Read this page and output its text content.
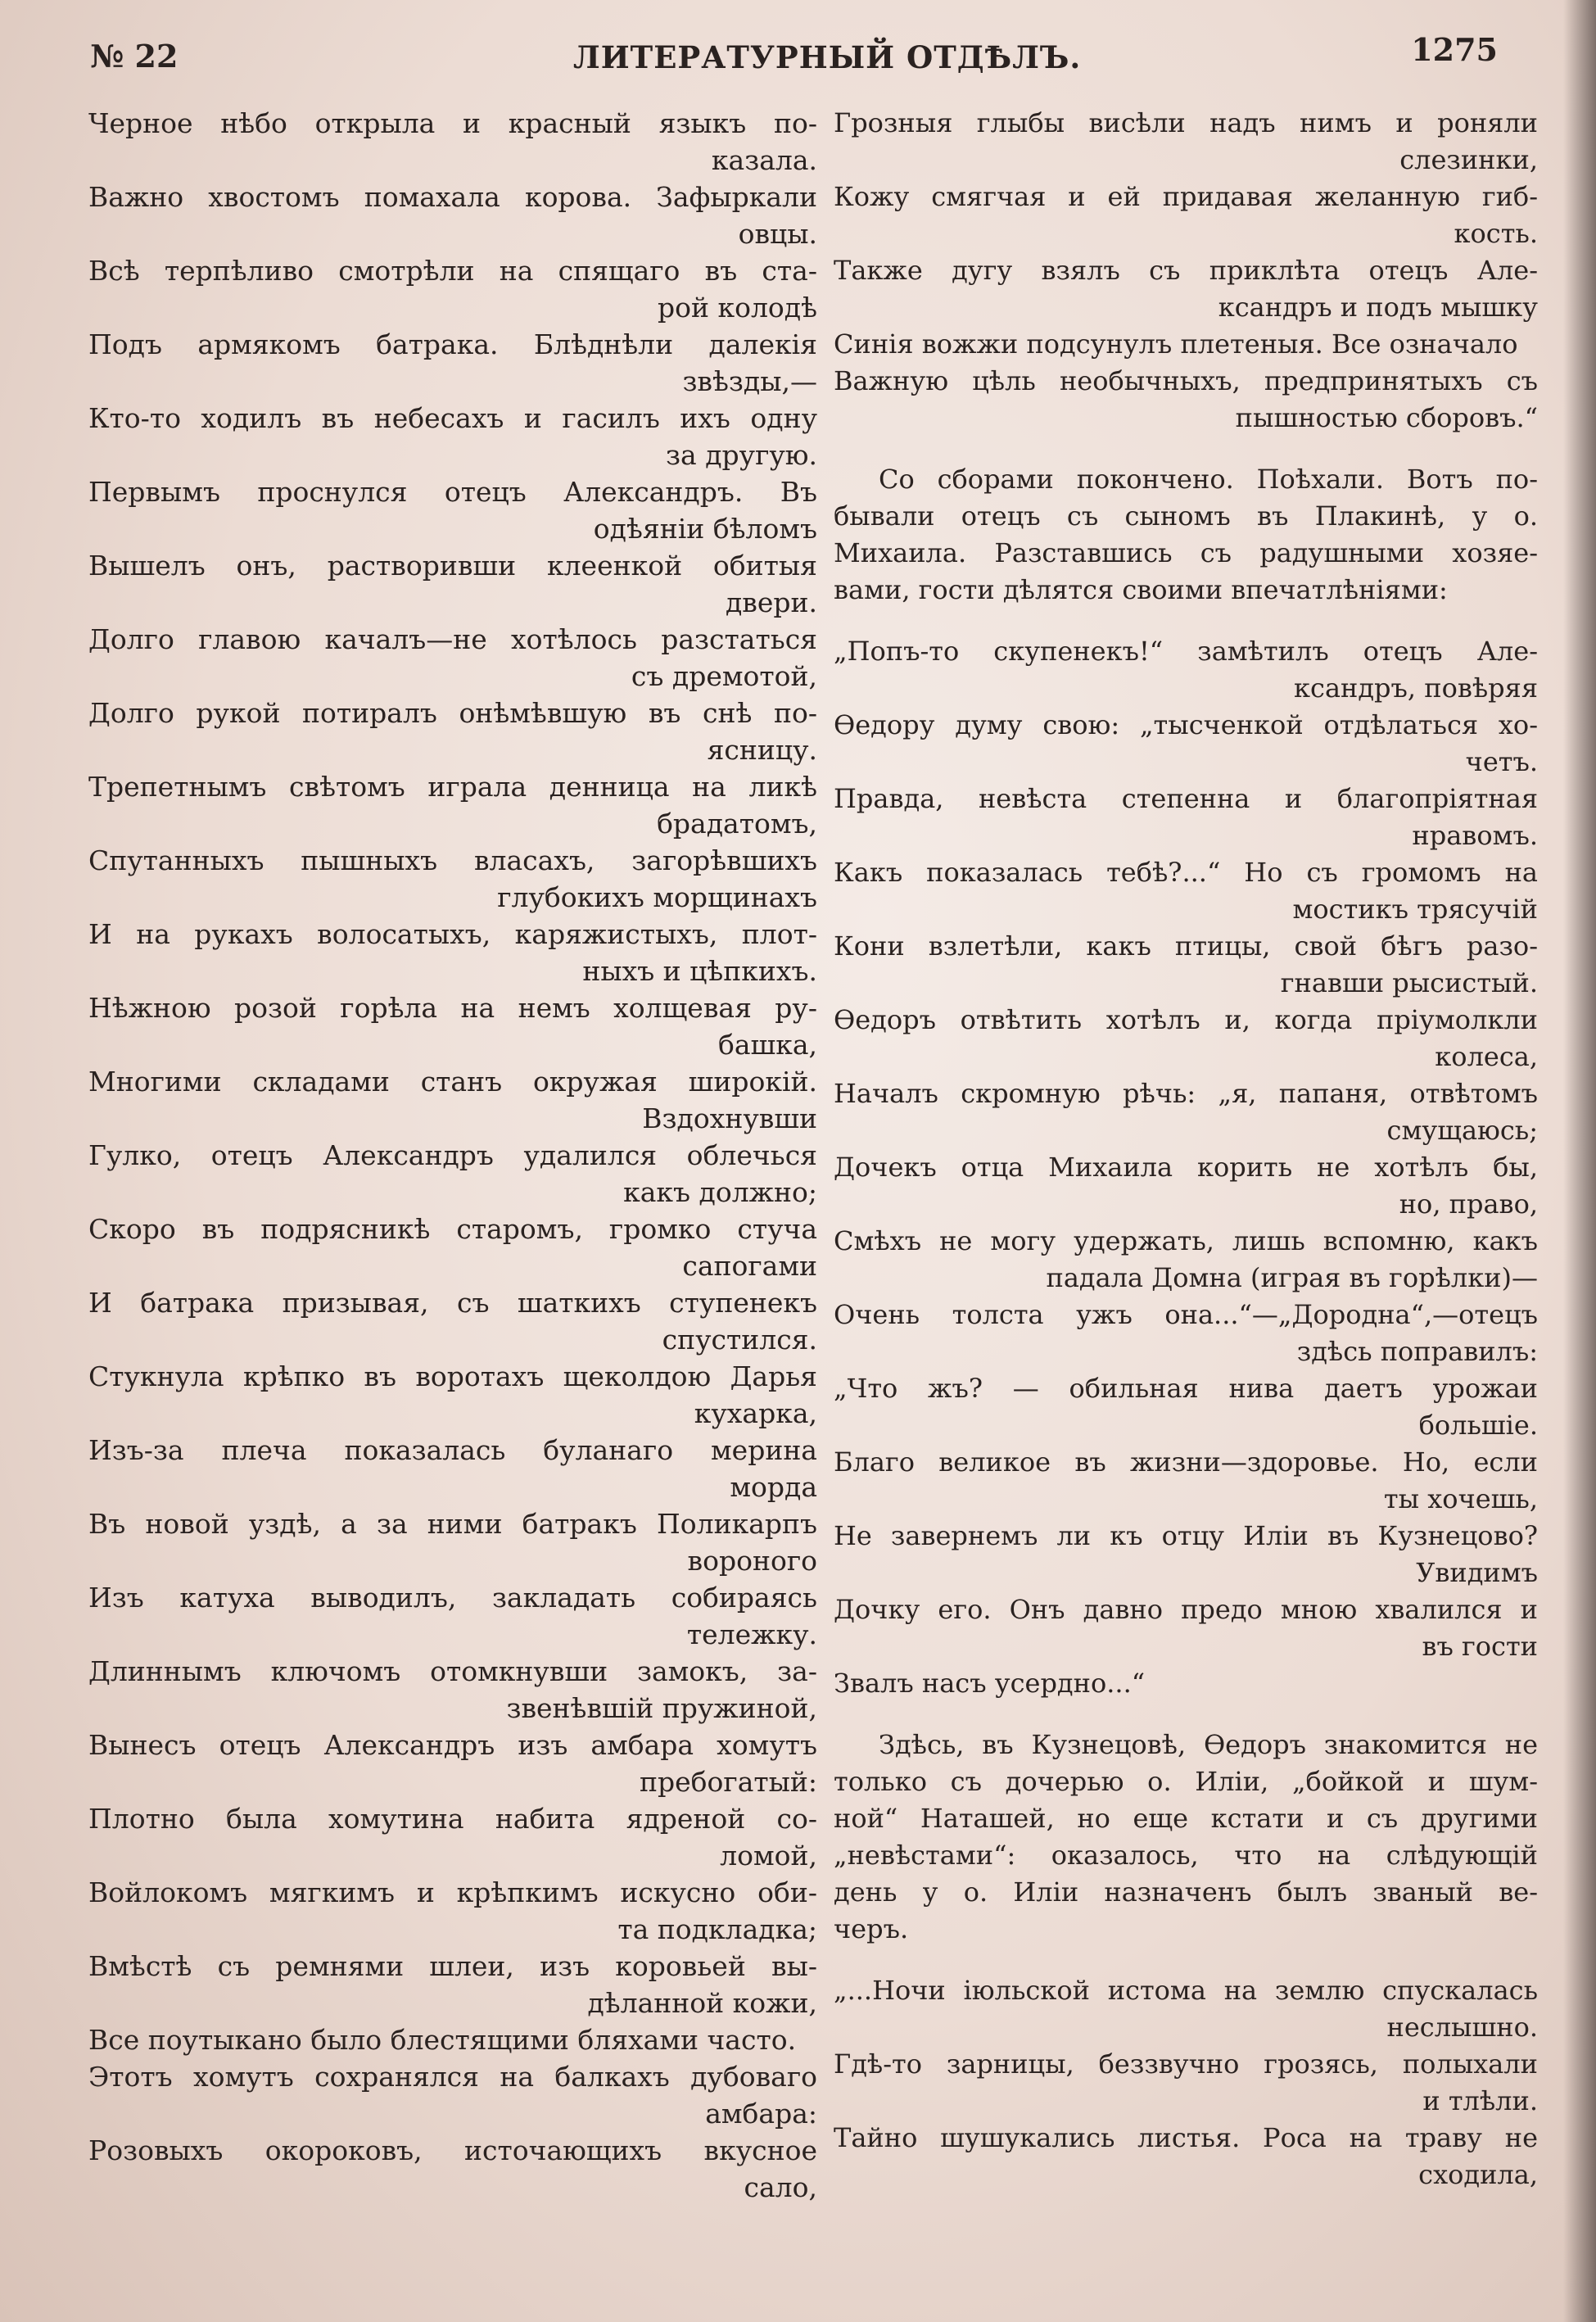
№ 22	ЛИТЕРАТУРНЫЙ ОТДѢЛЪ.	1275
Черное нѣбо открыла и красный языкъ по-
казала.
Важно хвостомъ помахала корова. Зафыркали
овцы.
Всѣ терпѣливо смотрѣли на спящаго въ ста-
рой колодѣ
Подъ армякомъ батрака. Блѣднѣли далекія
звѣзды,—
Кто-то ходилъ въ небесахъ и гасилъ ихъ одну
за другую.
Первымъ проснулся отецъ Александръ. Въ
одѣяніи бѣломъ
Вышелъ онъ, растворивши клеенкой обитыя
двери.
Долго главою качалъ—не хотѣлось разстаться
съ дремотой,
Долго рукой потиралъ онѣмѣвшую въ снѣ по-
ясницу.
Трепетнымъ свѣтомъ играла денница на ликѣ
брадатомъ,
Спутанныхъ пышныхъ власахъ, загорѣвшихъ
глубокихъ морщинахъ
И на рукахъ волосатыхъ, каряжистыхъ, плот-
ныхъ и цѣпкихъ.
Нѣжною розой горѣла на немъ холщевая ру-
башка,
Многими складами станъ окружая широкій.
Вздохнувши
Гулко, отецъ Александръ удалился облечься
какъ должно;
Скоро въ подрясникѣ старомъ, громко стуча
сапогами
И батрака призывая, съ шаткихъ ступенекъ
спустился.
Стукнула крѣпко въ воротахъ щеколдою Дарья
кухарка,
Изъ-за плеча показалась буланаго мерина
морда
Въ новой уздѣ, а за ними батракъ Поликарпъ
вороного
Изъ катуха выводилъ, закладать собираясь
тележку.
Длиннымъ ключомъ отомкнувши замокъ, за-
звенѣвшій пружиной,
Вынесъ отецъ Александръ изъ амбара хомутъ
пребогатый:
Плотно была хомутина набита ядреной со-
ломой,
Войлокомъ мягкимъ и крѣпкимъ искусно оби-
та подкладка;
Вмѣстѣ съ ремнями шлеи, изъ коровьей вы-
дѣланной кожи,
Все поутыкано было блестящими бляхами часто.
Этотъ хомутъ сохранялся на балкахъ дубоваго
амбара:
Розовыхъ окороковъ, источающихъ вкусное
сало,
Грозныя глыбы висѣли надъ нимъ и роняли
слезинки,
Кожу смягчая и ей придавая желанную гиб-
кость.
Также дугу взялъ съ приклѣта отецъ Але-
ксандръ и подъ мышку
Синія вожжи подсунулъ плетеныя. Все означало
Важную цѣль необычныхъ, предпринятыхъ съ
пышностью сборовъ.“
Со сборами покончено. Поѣхали. Вотъ по-
бывали отецъ съ сыномъ въ Плакинѣ, у о.
Михаила. Разставшись съ радушными хозяе-
вами, гости дѣлятся своими впечатлѣніями:
„Попъ-то скупенекъ!“ замѣтилъ отецъ Але-
ксандръ, повѣряя
Ѳедору думу свою: „тысченкой отдѣлаться хо-
четъ.
Правда, невѣста степенна и благопріятная
нравомъ.
Какъ показалась тебѣ?...“ Но съ громомъ на
мостикъ трясучій
Кони взлетѣли, какъ птицы, свой бѣгъ разо-
гнавши рысистый.
Ѳедоръ отвѣтить хотѣлъ и, когда пріумолкли
колеса,
Началъ скромную рѣчь: „я, папаня, отвѣтомъ
смущаюсь;
Дочекъ отца Михаила корить не хотѣлъ бы,
но, право,
Смѣхъ не могу удержать, лишь вспомню, какъ
падала Домна (играя въ горѣлки)—
Очень толста ужъ она...“—„Дородна“,—отецъ
здѣсь поправилъ:
„Что жъ? — обильная нива даетъ урожаи
большіе.
Благо великое въ жизни—здоровье. Но, если
ты хочешь,
Не завернемъ ли къ отцу Иліи въ Кузнецово?
Увидимъ
Дочку его. Онъ давно предо мною хвалился и
въ гости
Звалъ насъ усердно...“
Здѣсь, въ Кузнецовѣ, Ѳедоръ знакомится не
только съ дочерью о. Иліи, „бойкой и шум-
ной“ Наташей, но еще кстати и съ другими
„невѣстами“: оказалось, что на слѣдующій
день у о. Иліи назначенъ былъ званый ве-
черъ.
„...Ночи іюльской истома на землю спускалась
неслышно.
Гдѣ-то зарницы, беззвучно грозясь, полыхали
и тлѣли.
Тайно шушукались листья. Роса на траву не
сходила,
